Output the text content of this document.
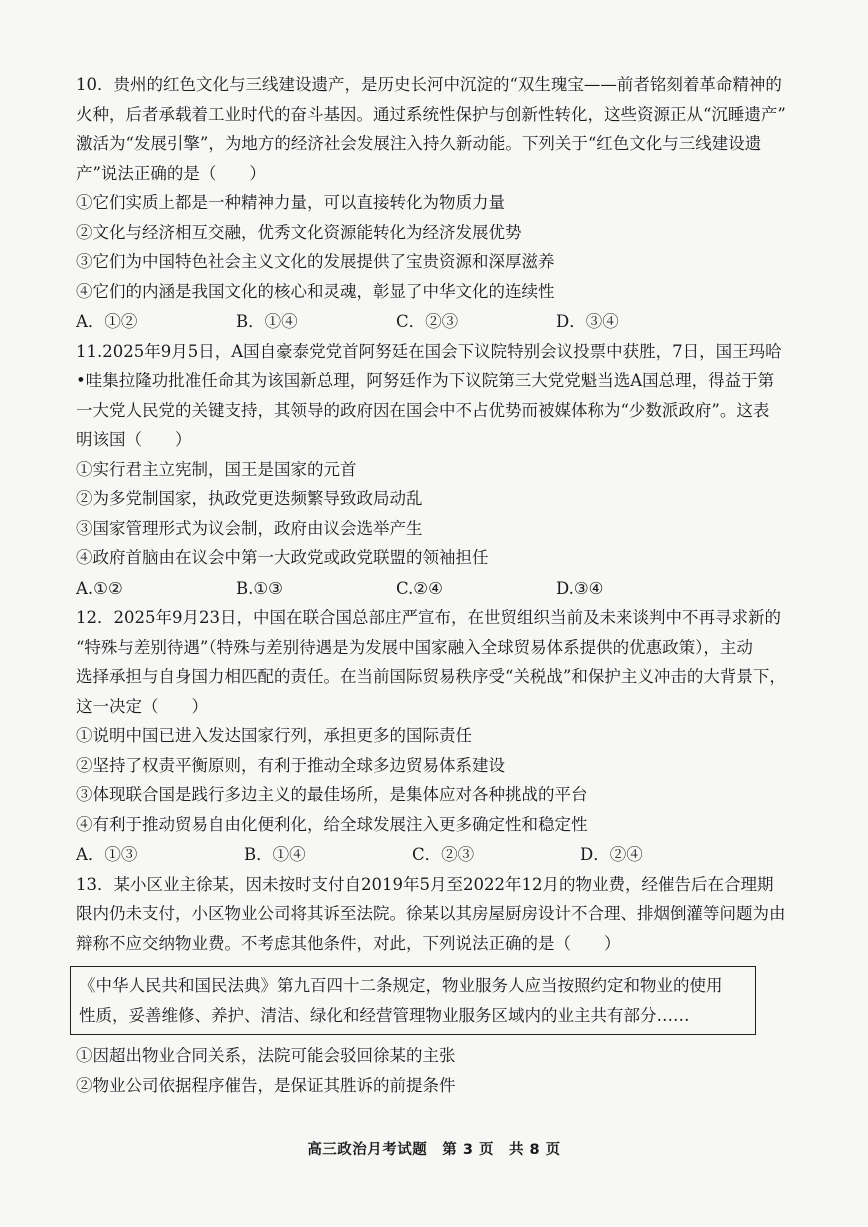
10．贵州的红色文化与三线建设遗产，是历史长河中沉淀的“双生瑰宝——前者铭刻着革命精神的
火种，后者承载着工业时代的奋斗基因。通过系统性保护与创新性转化，这些资源正从“沉睡遗产”
激活为“发展引擎”，为地方的经济社会发展注入持久新动能。下列关于“红色文化与三线建设遗
产”说法正确的是（　　）
①它们实质上都是一种精神力量，可以直接转化为物质力量
②文化与经济相互交融，优秀文化资源能转化为经济发展优势
③它们为中国特色社会主义文化的发展提供了宝贵资源和深厚滋养
④它们的内涵是我国文化的核心和灵魂，彰显了中华文化的连续性
A．①②	B．①④	C．②③	D．③④
11.2025年9月5日，A国自豪泰党党首阿努廷在国会下议院特别会议投票中获胜，7日，国王玛哈
•哇集拉隆功批准任命其为该国新总理，阿努廷作为下议院第三大党党魁当选A国总理，得益于第
一大党人民党的关键支持，其领导的政府因在国会中不占优势而被媒体称为“少数派政府”。这表
明该国（　　）
①实行君主立宪制，国王是国家的元首
②为多党制国家，执政党更迭频繁导致政局动乱
③国家管理形式为议会制，政府由议会选举产生
④政府首脑由在议会中第一大政党或政党联盟的领袖担任
A.①②	B.①③	C.②④	D.③④
12．2025年9月23日，中国在联合国总部庄严宣布，在世贸组织当前及未来谈判中不再寻求新的
“特殊与差别待遇”（特殊与差别待遇是为发展中国家融入全球贸易体系提供的优惠政策），主动
选择承担与自身国力相匹配的责任。在当前国际贸易秩序受“关税战”和保护主义冲击的大背景下，
这一决定（　　）
①说明中国已进入发达国家行列，承担更多的国际责任
②坚持了权责平衡原则，有利于推动全球多边贸易体系建设
③体现联合国是践行多边主义的最佳场所，是集体应对各种挑战的平台
④有利于推动贸易自由化便利化，给全球发展注入更多确定性和稳定性
A．①③	B．①④	C．②③	D．②④
13．某小区业主徐某，因未按时支付自2019年5月至2022年12月的物业费，经催告后在合理期
限内仍未支付，小区物业公司将其诉至法院。徐某以其房屋厨房设计不合理、排烟倒灌等问题为由
辩称不应交纳物业费。不考虑其他条件，对此，下列说法正确的是（　　）
《中华人民共和国民法典》第九百四十二条规定，物业服务人应当按照约定和物业的使用
性质，妥善维修、养护、清洁、绿化和经营管理物业服务区域内的业主共有部分……
①因超出物业合同关系，法院可能会驳回徐某的主张
②物业公司依据程序催告，是保证其胜诉的前提条件
高三政治月考试题　第 3 页　共 8 页
